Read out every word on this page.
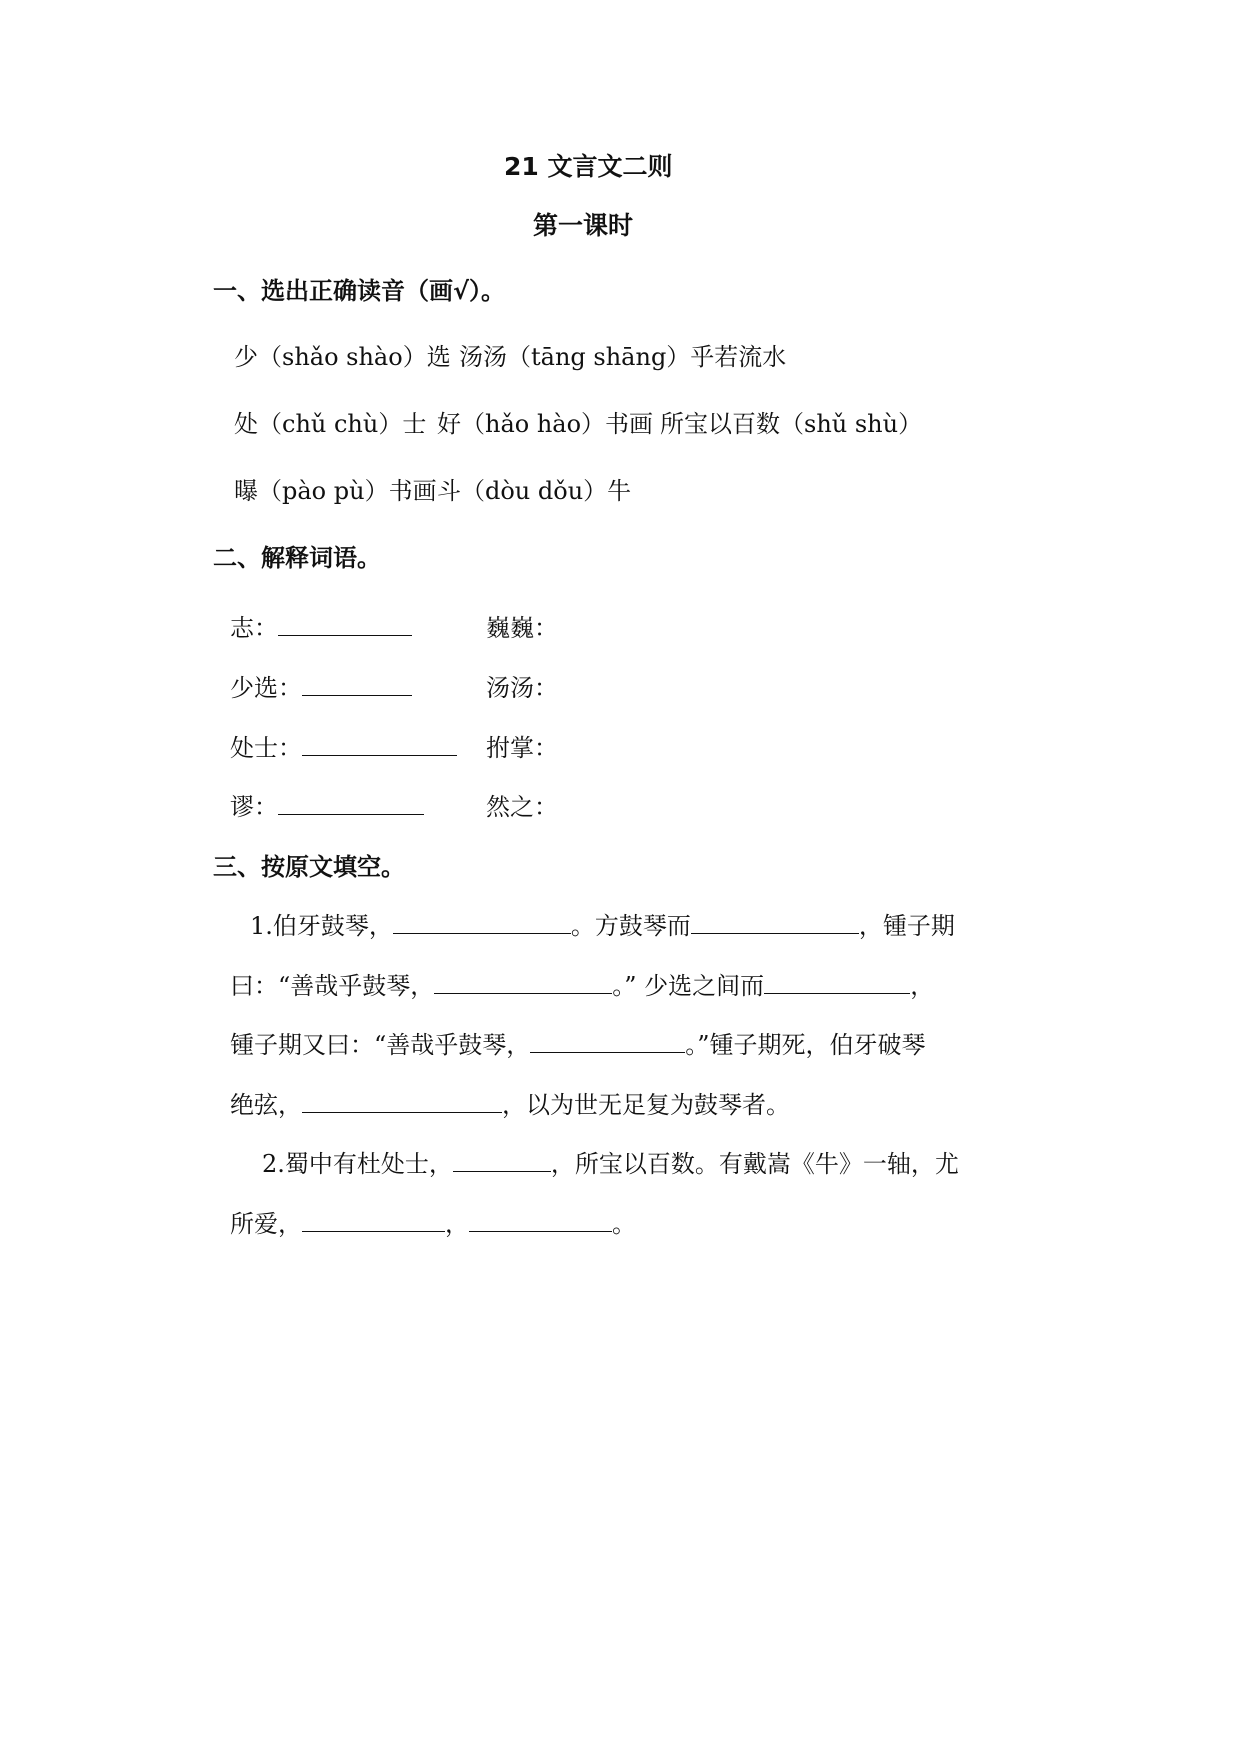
21 文言文二则
第一课时
一、选出正确读音（画√）。
少（shǎo shào）选 汤汤（tāng shāng）乎若流水
处（chǔ chù）士 好（hǎo hào）书画 所宝以百数（shǔ shù）
曝（pào pù）书画 斗（dòu dǒu）牛
二、解释词语。
志：	巍巍：
少选：	汤汤：
处士：	拊掌：
谬：	然之：
三、按原文填空。
1.伯牙鼓琴，	。方鼓琴而	，锺子期
曰：“善哉乎鼓琴，	。” 少选之间而	，
锺子期又曰：“善哉乎鼓琴，	。”锺子期死，伯牙破琴
绝弦，	，以为世无足复为鼓琴者。
2.蜀中有杜处士，	，所宝以百数。有戴嵩《牛》一轴，尤
所爱，	，	。
